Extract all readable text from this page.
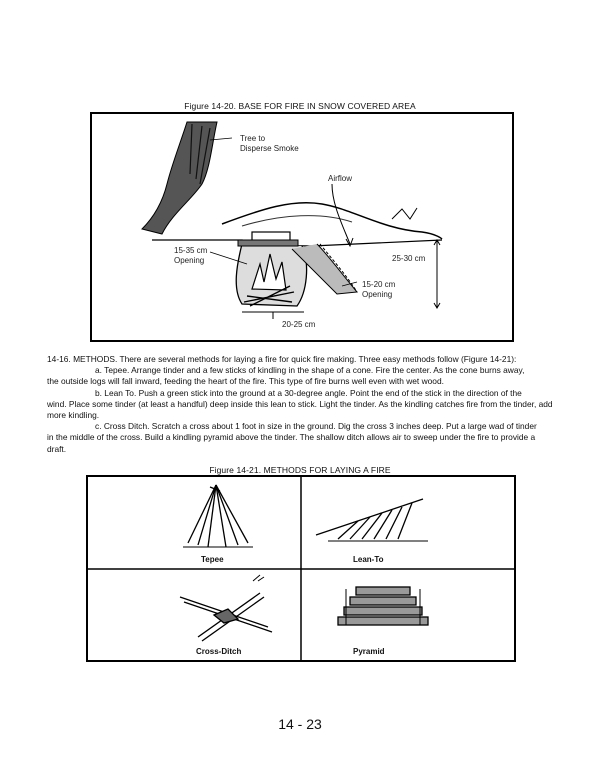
Figure 14-20. BASE FOR FIRE IN SNOW COVERED AREA
Tree to
Disperse Smoke
Airflow
15-35 cm
Opening	25-30 cm
15-20 cm
Opening
20-25 cm

14-16. METHODS. There are several methods for laying a fire for quick fire making. Three easy methods follow (Figure 14-21):

a. Tepee. Arrange tinder and a few sticks of kindling in the shape of a cone. Fire the center. As the cone burns away,

the outside logs will fall inward, feeding the heart of the fire. This type of fire burns well even with wet wood.

b. Lean To. Push a green stick into the ground at a 30-degree angle. Point the end of the stick in the direction of the

wind. Place some tinder (at least a handful) deep inside this lean to stick. Light the tinder. As the kindling catches fire from the tinder, add more kindling.

c. Cross Ditch. Scratch a cross about 1 foot in size in the ground. Dig the cross 3 inches deep. Put a large wad of tinder

in the middle of the cross. Build a kindling pyramid above the tinder. The shallow ditch allows air to sweep under the fire to provide a draft.

Figure 14-21. METHODS FOR LAYING A FIRE
Tepee	Lean-To
Cross-Ditch	Pyramid
14 - 23
